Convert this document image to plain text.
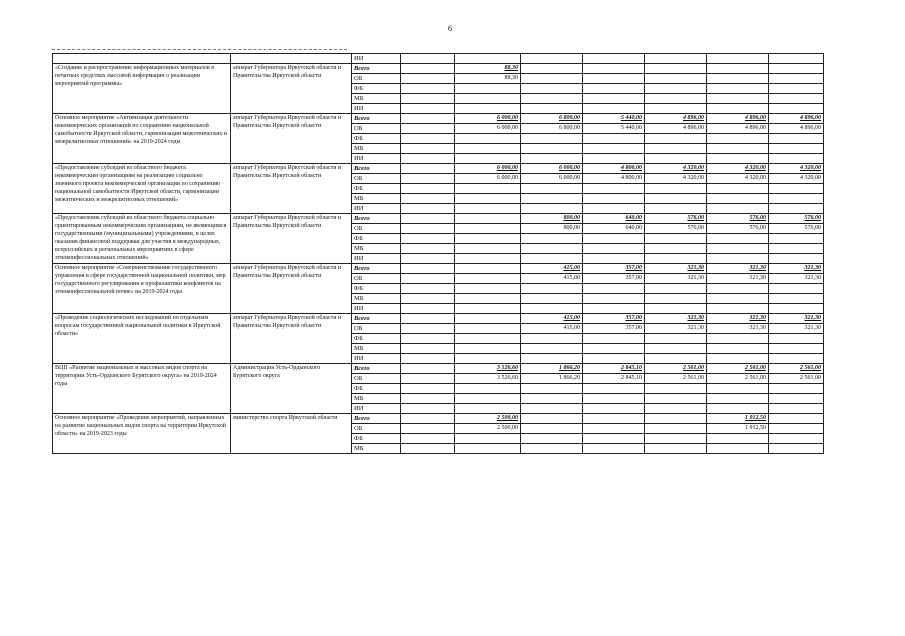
6
		ИИ								
«Создание и распространение информационных материалов в печатных средствах массовой информации о реализации мероприятий программы»	аппарат Губернатора Иркутской области и Правительства Иркутской области	Всего		88,30						
		ОБ		88,30						
		ФБ								
		МБ								
		ИИ								
Основное мероприятие «Активизация деятельности некоммерческих организаций по сохранению национальной самобытности Иркутской области, гармонизации межэтнических и межрелигиозных отношений» на 2019-2024 годы	аппарат Губернатора Иркутской области и Правительства Иркутской области	Всего		6 000,00	6 800,00	5 440,00	4 896,00	4 896,00	4 896,00	
		ОБ		6 000,00	6 800,00	5 440,00	4 896,00	4 896,00	4 896,00	
		ФБ								
		МБ								
		ИИ								
«Предоставление субсидий из областного бюджета некоммерческим организациям на реализацию социально значимого проекта некоммерческой организации по сохранению национальной самобытности Иркутской области, гармонизации межэтнических и межрелигиозных отношений»	аппарат Губернатора Иркутской области и Правительства Иркутской области	Всего		6 000,00	6 000,00	4 800,00	4 320,00	4 320,00	4 320,00	
		ОБ		6 000,00	6 000,00	4 800,00	4 320,00	4 320,00	4 320,00	
		ФБ								
		МБ								
		ИИ								
«Предоставление субсидий из областного бюджета социально ориентированным некоммерческим организациям, не являющимся государственными (муниципальными) учреждениями, в целях оказания финансовой поддержки для участия в международных, всероссийских и региональных мероприятиях в сфере этноконфессиональных отношений»	аппарат Губернатора Иркутской области и Правительства Иркутской области	Всего			800,00	640,00	576,00	576,00	576,00	
		ОБ			800,00	640,00	576,00	576,00	576,00	
		ФБ								
		МБ								
		ИИ								
Основное мероприятие «Совершенствование государственного управления в сфере государственной национальной политики, мер государственного регулирования и профилактики конфликтов на этноконфессиональной почве» на 2019-2024 годы	аппарат Губернатора Иркутской области и Правительства Иркутской области	Всего			415,00	357,00	321,30	321,30	321,30	
		ОБ			415,00	357,00	321,30	321,30	321,30	
		ФБ								
		МБ								
		ИИ								
«Проведение социологических исследований по отдельным вопросам государственной национальной политики в Иркутской области»	аппарат Губернатора Иркутской области и Правительства Иркутской области	Всего			415,00	357,00	321,30	321,30	321,30	
		ОБ			415,00	357,00	321,30	321,30	321,30	
		ФБ								
		МБ								
		ИИ								
ВЦП «Развитие национальных и массовых видов спорта на территории Усть-Ордынского Бурятского округа» на 2019-2024 годы	Администрация Усть-Ордынского Бурятского округа	Всего		3 526,60	1 866,20	2 845,10	2 561,00	2 561,00	2 561,00	
		ОБ		3 526,60	1 866,20	2 845,10	2 561,00	2 561,00	2 561,00	
		ФБ								
		МБ								
		ИИ								
Основное мероприятие «Проведение мероприятий, направленных на развитие национальных видов спорта на территории Иркутской области» на 2019-2023 годы	министерство спорта Иркутской области	Всего		2 500,00				1 912,50		
		ОБ		2 500,00				1 912,50		
		ФБ								
		МБ								
